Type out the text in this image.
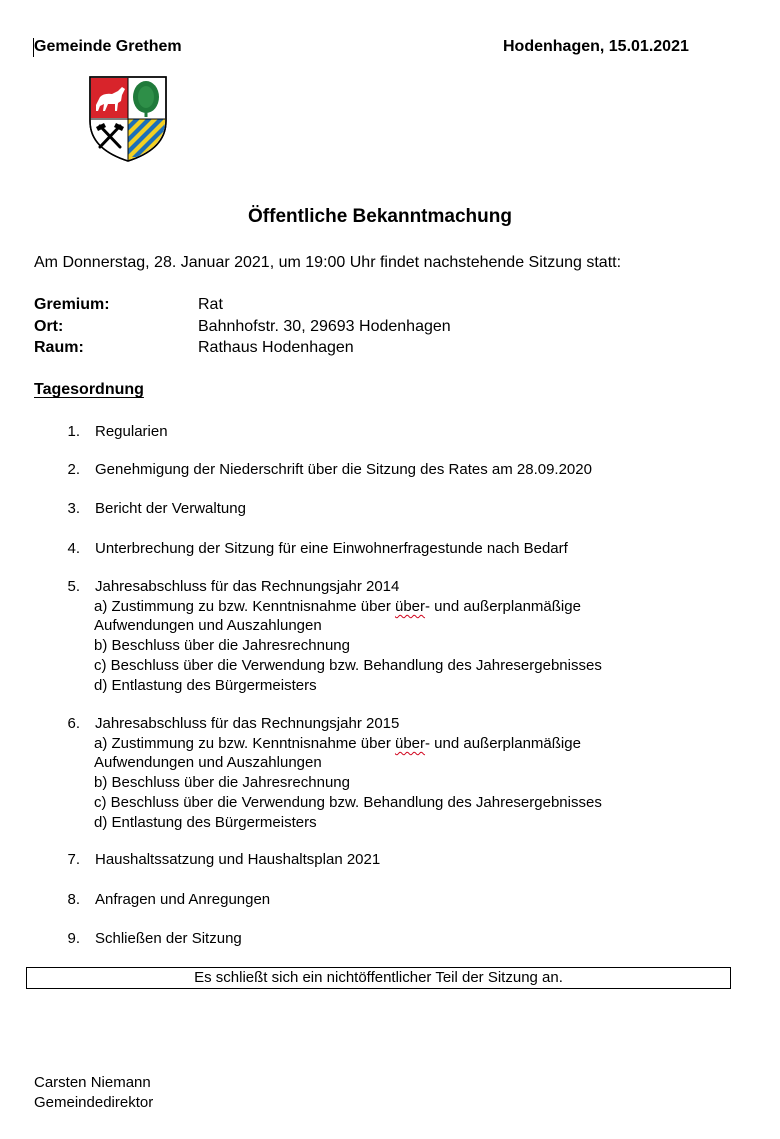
Gemeinde Grethem	Hodenhagen, 15.01.2021
Öffentliche Bekanntmachung
Am Donnerstag, 28. Januar 2021, um 19:00 Uhr findet nachstehende Sitzung statt:
Gremium:	Rat
Ort:	Bahnhofstr. 30, 29693 Hodenhagen
Raum:	Rathaus Hodenhagen
Tagesordnung
1. Regularien
2. Genehmigung der Niederschrift über die Sitzung des Rates am 28.09.2020
3. Bericht der Verwaltung
4. Unterbrechung der Sitzung für eine Einwohnerfragestunde nach Bedarf
5. Jahresabschluss für das Rechnungsjahr 2014
a) Zustimmung zu bzw. Kenntnisnahme über über- und außerplanmäßige
Aufwendungen und Auszahlungen
b) Beschluss über die Jahresrechnung
c) Beschluss über die Verwendung bzw. Behandlung des Jahresergebnisses
d) Entlastung des Bürgermeisters
6. Jahresabschluss für das Rechnungsjahr 2015
a) Zustimmung zu bzw. Kenntnisnahme über über- und außerplanmäßige
Aufwendungen und Auszahlungen
b) Beschluss über die Jahresrechnung
c) Beschluss über die Verwendung bzw. Behandlung des Jahresergebnisses
d) Entlastung des Bürgermeisters
7. Haushaltssatzung und Haushaltsplan 2021
8. Anfragen und Anregungen
9. Schließen der Sitzung
Es schließt sich ein nichtöffentlicher Teil der Sitzung an.
Carsten Niemann
Gemeindedirektor
